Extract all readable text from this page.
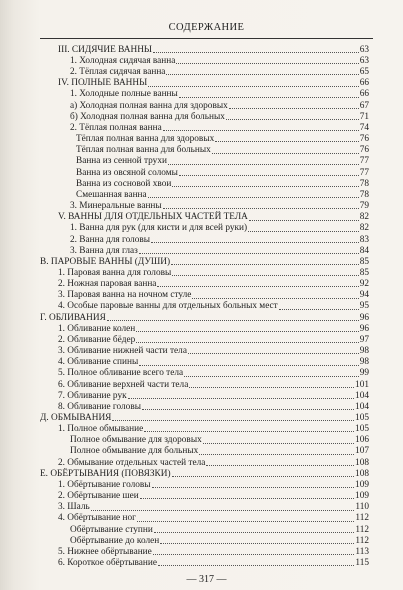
СОДЕРЖАНИЕ
III. СИДЯЧИЕ ВАННЫ	63
1. Холодная сидячая ванна	63
2. Тёплая сидячая ванна	65
IV. ПОЛНЫЕ ВАННЫ	66
1. Холодные полные ванны	66
а) Холодная полная ванна для здоровых	67
б) Холодная полная ванна для больных	71
2. Тёплая полная ванна	74
Тёплая полная ванна для здоровых	76
Тёплая полная ванна для больных	76
Ванна из сенной трухи	77
Ванна из овсяной соломы	77
Ванна из сосновой хвои	78
Смешанная ванна	78
3. Минеральные ванны	79
V. ВАННЫ ДЛЯ ОТДЕЛЬНЫХ ЧАСТЕЙ ТЕЛА	82
1. Ванна для рук (для кисти и для всей руки)	82
2. Ванна для головы	83
3. Ванна для глаз	84
В. ПАРОВЫЕ ВАННЫ (ДУШИ)	85
1. Паровая ванна для головы	85
2. Ножная паровая ванна	92
3. Паровая ванна на ночном стуле	94
4. Особые паровые ванны для отдельных больных мест	95
Г. ОБЛИВАНИЯ	96
1. Обливание колен	96
2. Обливание бёдер	97
3. Обливание нижней части тела	98
4. Обливание спины	98
5. Полное обливание всего тела	99
6. Обливание верхней части тела	101
7. Обливание рук	104
8. Обливание головы	104
Д. ОБМЫВАНИЯ	105
1. Полное обмывание	105
Полное обмывание для здоровых	106
Полное обмывание для больных	107
2. Обмывание отдельных частей тела	108
Е. ОБЁРТЫВАНИЯ (ПОВЯЗКИ)	108
1. Обёртывание головы	109
2. Обёртывание шеи	109
3. Шаль	110
4. Обёртывание ног	112
Обёртывание ступни	112
Обёртывание до колен	112
5. Нижнее обёртывание	113
6. Короткое обёртывание	115
— 317 —
